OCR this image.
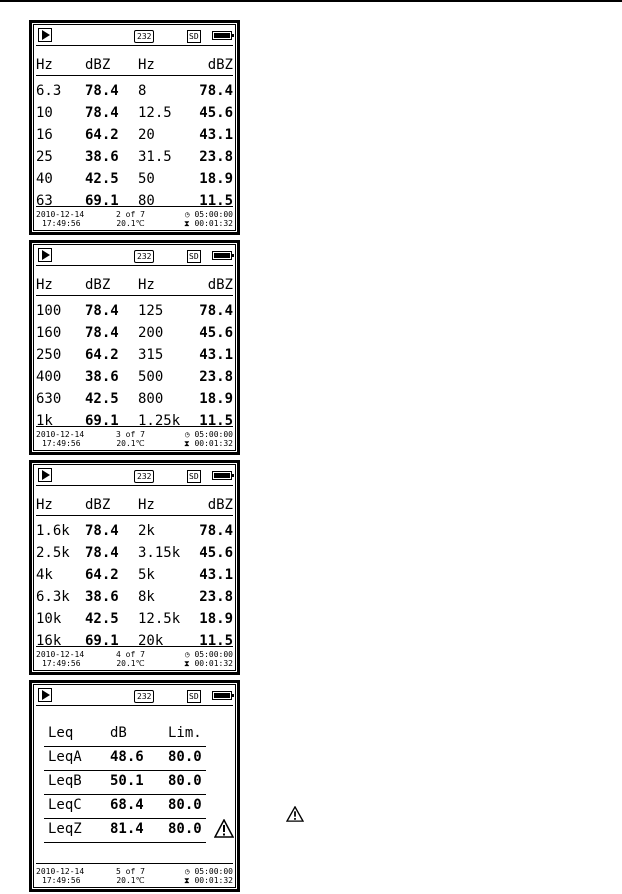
232	SD
Hz dBZ Hz	dBZ
6.3 78.4 8	78.4
10 78.4 12.5 45.6
16 64.2 20	43.1
25 38.6 31.5 23.8
40 42.5 50	18.9
63 69.1 80	11.5
2010-12-14
17:49:56
2 of 7
20.1℃
◷ 05:00:00
⧗ 00:01:32
232	SD
Hz dBZ Hz	dBZ
100 78.4 125	78.4
160 78.4 200	45.6
250 64.2 315	43.1
400 38.6 500	23.8
630 42.5 800	18.9
1k 69.1 1.25k 11.5
2010-12-14
17:49:56
3 of 7
20.1℃
◷ 05:00:00
⧗ 00:01:32
232	SD
Hz dBZ Hz	dBZ
1.6k 78.4 2k	78.4
2.5k 78.4 3.15k 45.6
4k 64.2 5k	43.1
6.3k 38.6 8k	23.8
10k 42.5 12.5k 18.9
16k 69.1 20k	11.5
2010-12-14
17:49:56
4 of 7
20.1℃
◷ 05:00:00
⧗ 00:01:32
232	SD
Leq	dB	Lim.
LeqA 48.6 80.0
LeqB 50.1 80.0
LeqC 68.4 80.0
LeqZ 81.4 80.0
2010-12-14
17:49:56
5 of 7
20.1℃
◷ 05:00:00
⧗ 00:01:32
